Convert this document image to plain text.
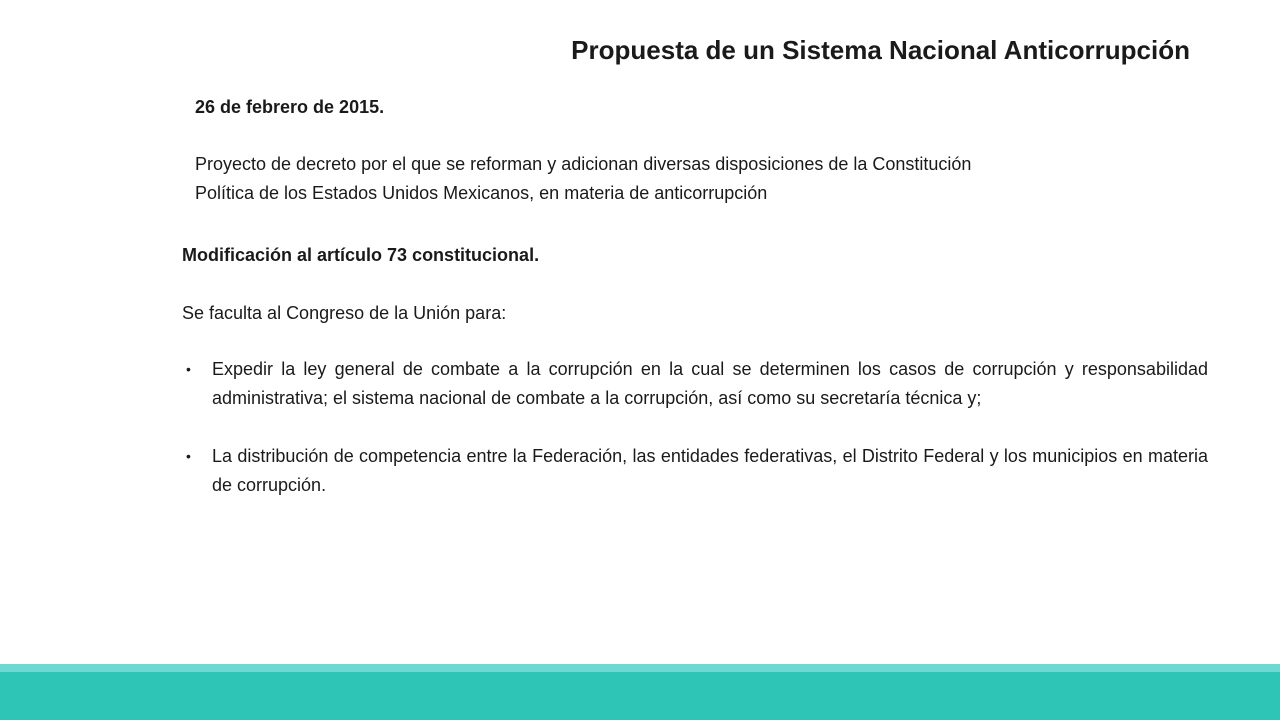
Propuesta de un Sistema Nacional Anticorrupción
26 de febrero de 2015.
Proyecto de decreto por el que se reforman y adicionan diversas disposiciones de la Constitución
Política de los Estados Unidos Mexicanos, en materia de anticorrupción
Modificación al artículo 73 constitucional.
Se faculta al Congreso de la Unión para:
• Expedir la ley general de combate a la corrupción en la cual se determinen los casos de corrupción y responsabilidad administrativa; el sistema nacional de combate a la corrupción, así como su secretaría técnica y;
• La distribución de competencia entre la Federación, las entidades federativas, el Distrito Federal y los municipios en materia de corrupción.
